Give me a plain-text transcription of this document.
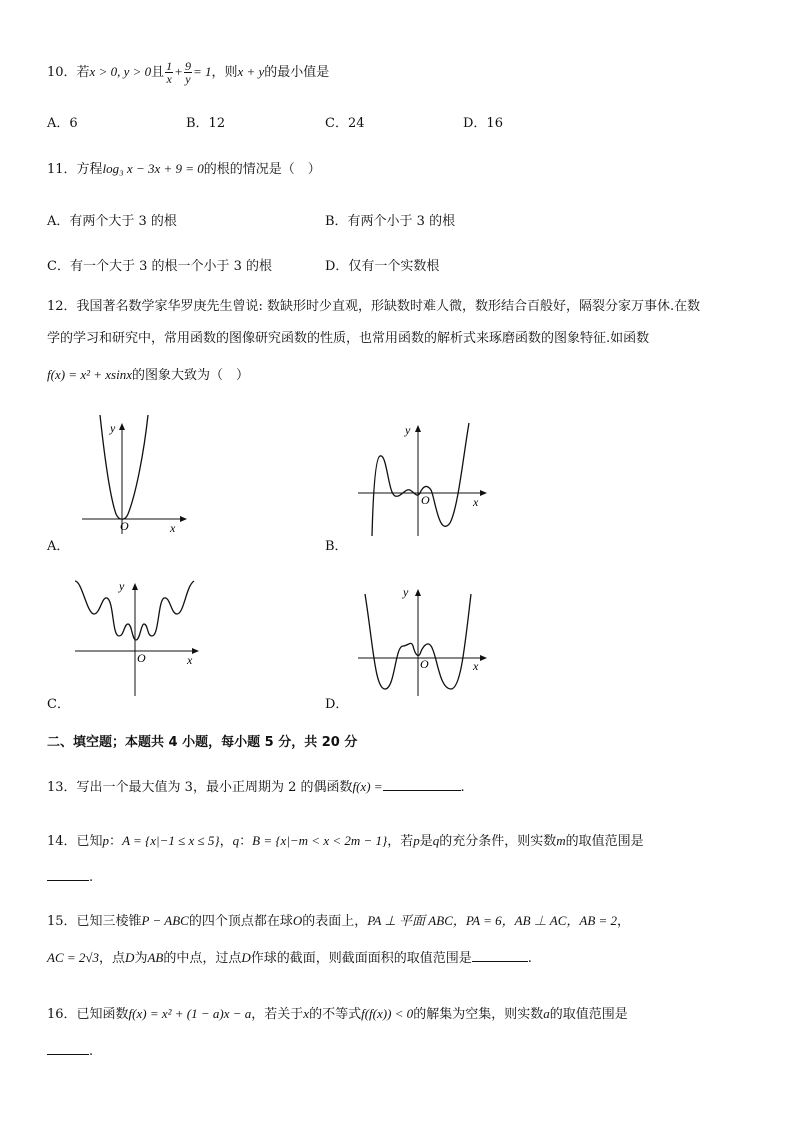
10．若x > 0, y > 0且 $\frac{1}{x} + \frac{9}{y} = 1$，则x + y的最小值是
A．6	B．12	C．24	D．16
11．方程log₃ x − 3x + 9 = 0的根的情况是（　）
A．有两个大于 3 的根	B．有两个小于 3 的根
C．有一个大于 3 的根一个小于 3 的根	D．仅有一个实数根
12．我国著名数学家华罗庚先生曾说: 数缺形时少直观，形缺数时难人微，数形结合百般好，隔裂分家万事休.在数
学的学习和研究中，常用函数的图像研究函数的性质，也常用函数的解析式来琢磨函数的图象特征.如函数
f(x) = x² + xsinx的图象大致为（　）
y
x
O
A．
y
x
O
B．
y
x
O
C．
y
x
O
D．
二、填空题；本题共 4 小题，每小题 5 分，共 20 分
13．写出一个最大值为 3，最小正周期为 2 的偶函数f(x) =	.
14．已知p：A = {x|−1 ≤ x ≤ 5}，q：B = {x|−m < x < 2m − 1}，若p是q的充分条件，则实数m的取值范围是
.
15．已知三棱锥P − ABC的四个顶点都在球O的表面上，PA ⊥ 平面 ABC，PA = 6，AB ⊥ AC，AB = 2，
AC = 2√3，点D为AB的中点，过点D作球的截面，则截面面积的取值范围是	.
16．已知函数f(x) = x² + (1 − a)x − a，若关于x的不等式f(f(x)) < 0的解集为空集，则实数a的取值范围是
.
